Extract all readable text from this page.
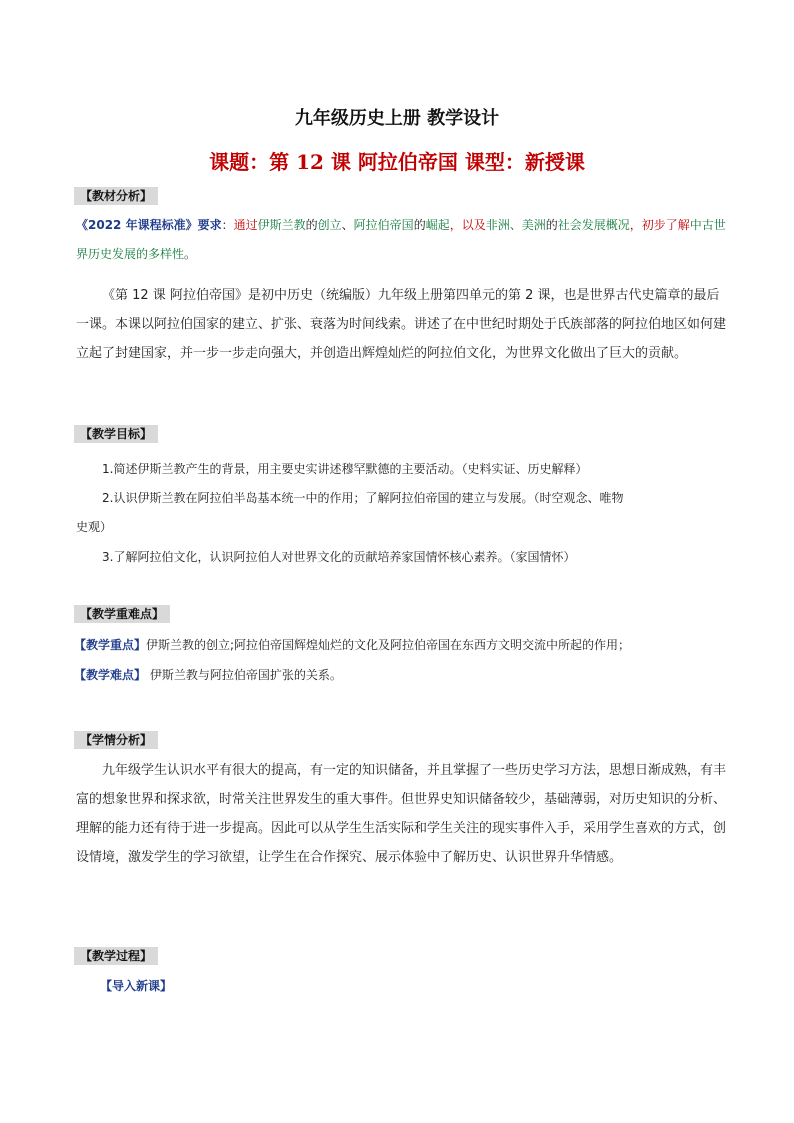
九年级历史上册 教学设计
课题：第 12 课 阿拉伯帝国 课型：新授课
【教材分析】
《2022 年课程标准》要求：通过伊斯兰教的创立、阿拉伯帝国的崛起，以及非洲、美洲的社会发展概况，初步了解中古世界历史发展的多样性。
《第 12 课 阿拉伯帝国》是初中历史（统编版）九年级上册第四单元的第 2 课，也是世界古代史篇章的最后一课。本课以阿拉伯国家的建立、扩张、衰落为时间线索。讲述了在中世纪时期处于氏族部落的阿拉伯地区如何建立起了封建国家，并一步一步走向强大，并创造出辉煌灿烂的阿拉伯文化，为世界文化做出了巨大的贡献。
【教学目标】
1.简述伊斯兰教产生的背景，用主要史实讲述穆罕默德的主要活动。（史料实证、历史解释）
2.认识伊斯兰教在阿拉伯半岛基本统一中的作用；了解阿拉伯帝国的建立与发展。（时空观念、唯物
史观）
3.了解阿拉伯文化，认识阿拉伯人对世界文化的贡献培养家国情怀核心素养。（家国情怀）
【教学重难点】
【教学重点】伊斯兰教的创立;阿拉伯帝国辉煌灿烂的文化及阿拉伯帝国在东西方文明交流中所起的作用；
【教学难点】 伊斯兰教与阿拉伯帝国扩张的关系。
【学情分析】
九年级学生认识水平有很大的提高，有一定的知识储备，并且掌握了一些历史学习方法，思想日渐成熟，有丰富的想象世界和探求欲，时常关注世界发生的重大事件。但世界史知识储备较少，基础薄弱，对历史知识的分析、理解的能力还有待于进一步提高。因此可以从学生生活实际和学生关注的现实事件入手，采用学生喜欢的方式，创设情境，激发学生的学习欲望，让学生在合作探究、展示体验中了解历史、认识世界升华情感。
【教学过程】
【导入新课】
